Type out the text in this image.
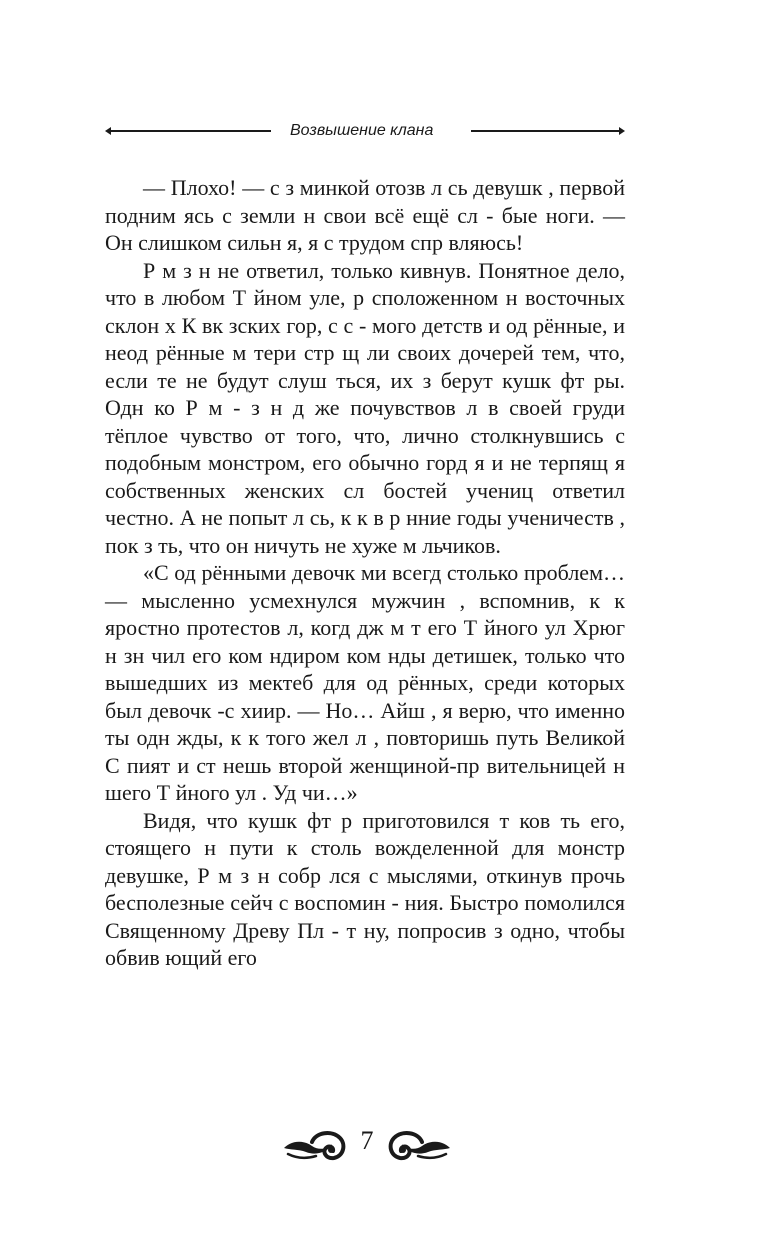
Возвышение клана

— Плохо! — с з минкой отозв л сь девушк , первой подним ясь с земли н свои всё ещё сл - бые ноги. — Он слишком сильн я, я с трудом спр вляюсь!

Р м з н не ответил, только кивнув. Понятное дело, что в любом Т йном уле, р сположенном н восточных склон х К вк зских гор, с с - мого детств и од рённые, и неод рённые м тери стр щ ли своих дочерей тем, что, если те не будут слуш ться, их з берут кушк фт ры. Одн ко Р м - з н д же почувствов л в своей груди тёплое чувство от того, что, лично столкнувшись с подобным монстром, его обычно горд я и не терпящ я собственных женских сл бостей учениц ответил честно. А не попыт л сь, к к в р нние годы ученичеств , пок з ть, что он ничуть не хуже м льчиков.

«С од рёнными девочк ми всегд столько проблем… — мысленно усмехнулся мужчин , вспомнив, к к яростно протестов л, когд дж м т его Т йного ул Хрюг н зн чил его ком ндиром ком нды детишек, только что вышедших из мектеб для од рённых, среди которых был девочк -с хиир. — Но… Айш , я верю, что именно ты одн жды, к к того жел л , повторишь путь Великой С пият и ст нешь второй женщиной-пр вительницей н шего Т йного ул . Уд чи…»

Видя, что кушк фт р приготовился т ков ть его, стоящего н пути к столь вожделенной для монстр девушке, Р м з н собр лся с мыслями, откинув прочь бесполезные сейч с воспомин - ния. Быстро помолился Священному Древу Пл - т ну, попросив з одно, чтобы обвив ющий его

7
